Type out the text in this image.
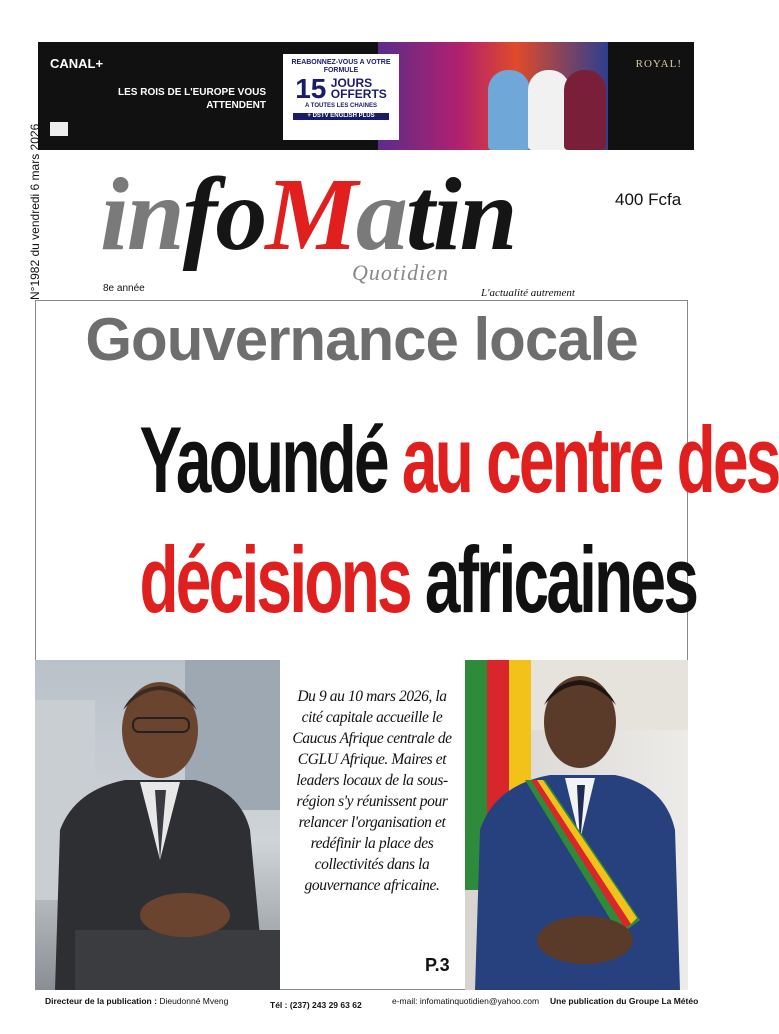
CANAL+
LES ROIS DE L'EUROPE VOUS ATTENDENT
REABONNEZ-VOUS A VOTRE FORMULE
15 JOURS
OFFERTS
A TOUTES LES CHAINES
+ DSTV ENGLISH PLUS
ROYAL!
N°1982 du vendredi 6 mars 2026 infoMatin
Quotidien
8e année	L'actualité autrement
400 Fcfa
Gouvernance locale
Yaoundé au centre des
décisions africaines
Du 9 au 10 mars 2026, la cité capitale accueille le Caucus Afrique centrale de CGLU Afrique. Maires et leaders locaux de la sous-région s'y réunissent pour relancer l'organisation et redéfinir la place des collectivités dans la gouvernance africaine.
P.3
Directeur de la publication : Dieudonné Mveng	Tél : (237) 243 29 63 62	e-mail: infomatinquotidien@yahoo.com Une publication du Groupe La Météo
